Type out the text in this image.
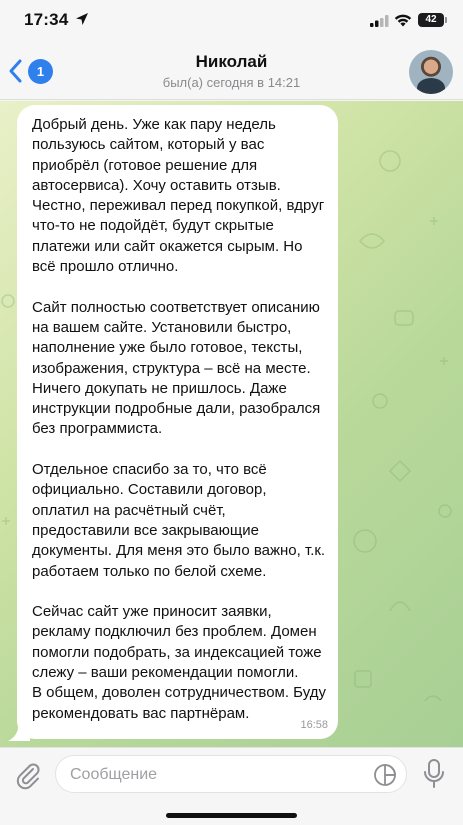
17:34	42
1
Николай
был(а) сегодня в 14:21

Добрый день. Уже как пару недель пользуюсь сайтом, который у вас приобрёл (готовое решение для автосервиса). Хочу оставить отзыв. Честно, переживал перед покупкой, вдруг что-то не подойдёт, будут скрытые платежи или сайт окажется сырым. Но всё прошло отлично.

Сайт полностью соответствует описанию на вашем сайте. Установили быстро, наполнение уже было готовое, тексты, изображения, структура – всё на месте. Ничего докупать не пришлось. Даже инструкции подробные дали, разобрался без программиста.

Отдельное спасибо за то, что всё официально. Составили договор, оплатил на расчётный счёт, предоставили все закрывающие документы. Для меня это было важно, т.к. работаем только по белой схеме.

Сейчас сайт уже приносит заявки, рекламу подключил без проблем. Домен помогли подобрать, за индексацией тоже слежу – ваши рекомендации помогли.
В общем, доволен сотрудничеством. Буду рекомендовать вас партнёрам.

16:58
Сообщение
